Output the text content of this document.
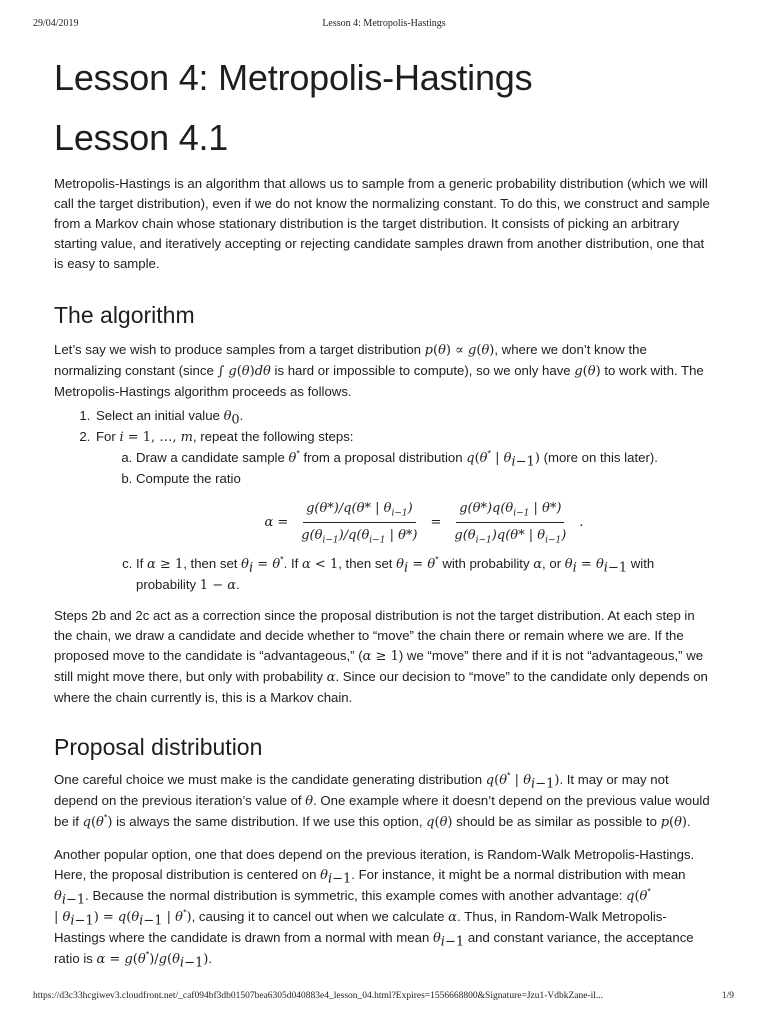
29/04/2019	Lesson 4: Metropolis-Hastings
Lesson 4: Metropolis-Hastings
Lesson 4.1

Metropolis-Hastings is an algorithm that allows us to sample from a generic probability distribution (which we will call the target distribution), even if we do not know the normalizing constant. To do this, we construct and sample from a Markov chain whose stationary distribution is the target distribution. It consists of picking an arbitrary starting value, and iteratively accepting or rejecting candidate samples drawn from another distribution, one that is easy to sample.

The algorithm

Let’s say we wish to produce samples from a target distribution p(θ) ∝ g(θ), where we don’t know the normalizing constant (since ∫ g(θ)dθ is hard or impossible to compute), so we only have g(θ) to work with. The Metropolis-Hastings algorithm proceeds as follows.

1. Select an initial value $\theta_0$.
2. For i = 1, …, m, repeat the following steps:
a. Draw a candidate sample θ* from a proposal distribution q(θ* | $\theta_{i-1}$) (more on this later).
b. Compute the ratio
$\alpha = \frac{g(\theta*)/q(\theta* | \theta_{i-1})}{g(\theta_{i-1})/q(\theta_{i-1} | \theta*)} = \frac{g(\theta*)q(\theta_{i-1} | \theta*)}{g(\theta_{i-1})q(\theta* | \theta_{i-1})}$ .
c. If α ≥ 1, then set $\theta_i = \theta^*$. If α < 1, then set $\theta_i = \theta^*$ with probability α, or $\theta_i = \theta_{i-1}$ with probability 1 − α.

Steps 2b and 2c act as a correction since the proposal distribution is not the target distribution. At each step in the chain, we draw a candidate and decide whether to “move” the chain there or remain where we are. If the proposed move to the candidate is “advantageous,” (α ≥ 1) we “move” there and if it is not “advantageous,” we still might move there, but only with probability α. Since our decision to “move” to the candidate only depends on where the chain currently is, this is a Markov chain.

Proposal distribution

One careful choice we must make is the candidate generating distribution q(θ* | $\theta_{i-1}$). It may or may not depend on the previous iteration’s value of θ. One example where it doesn’t depend on the previous value would be if q(θ*) is always the same distribution. If we use this option, q(θ) should be as similar as possible to p(θ).

Another popular option, one that does depend on the previous iteration, is Random-Walk Metropolis-Hastings. Here, the proposal distribution is centered on $\theta_{i-1}$. For instance, it might be a normal distribution with mean $\theta_{i-1}$. Because the normal distribution is symmetric, this example comes with another advantage: q(θ* | $\theta_{i-1}) = q(\theta_{i-1}$ | θ*), causing it to cancel out when we calculate α. Thus, in Random-Walk Metropolis-Hastings where the candidate is drawn from a normal with mean $\theta_{i-1}$ and constant variance, the acceptance ratio is $\alpha = g(\theta^*)/g(\theta_{i-1})$.

https://d3c33hcgiwev3.cloudfront.net/_caf094bf3db01507bea6305d040883e4_lesson_04.html?Expires=1556668800&Signature=Jzu1-VdbkZane-il...	1/9
